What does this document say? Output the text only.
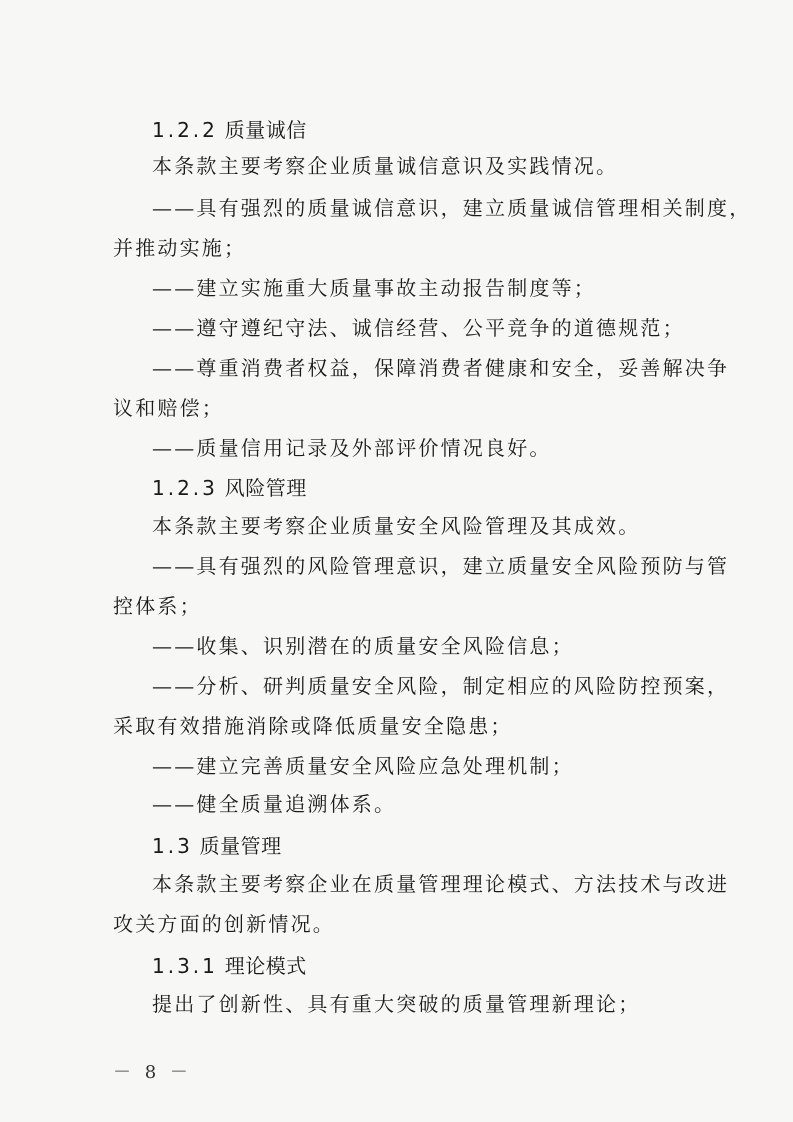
1.2.2 质量诚信
本条款主要考察企业质量诚信意识及实践情况。
——具有强烈的质量诚信意识，建立质量诚信管理相关制度，
并推动实施；
——建立实施重大质量事故主动报告制度等；
——遵守遵纪守法、诚信经营、公平竞争的道德规范；
——尊重消费者权益，保障消费者健康和安全，妥善解决争
议和赔偿；
——质量信用记录及外部评价情况良好。
1.2.3 风险管理
本条款主要考察企业质量安全风险管理及其成效。
——具有强烈的风险管理意识，建立质量安全风险预防与管
控体系；
——收集、识别潜在的质量安全风险信息；
——分析、研判质量安全风险，制定相应的风险防控预案，
采取有效措施消除或降低质量安全隐患；
——建立完善质量安全风险应急处理机制；
——健全质量追溯体系。
1.3 质量管理
本条款主要考察企业在质量管理理论模式、方法技术与改进
攻关方面的创新情况。
1.3.1 理论模式
提出了创新性、具有重大突破的质量管理新理论；
－ 8 －
